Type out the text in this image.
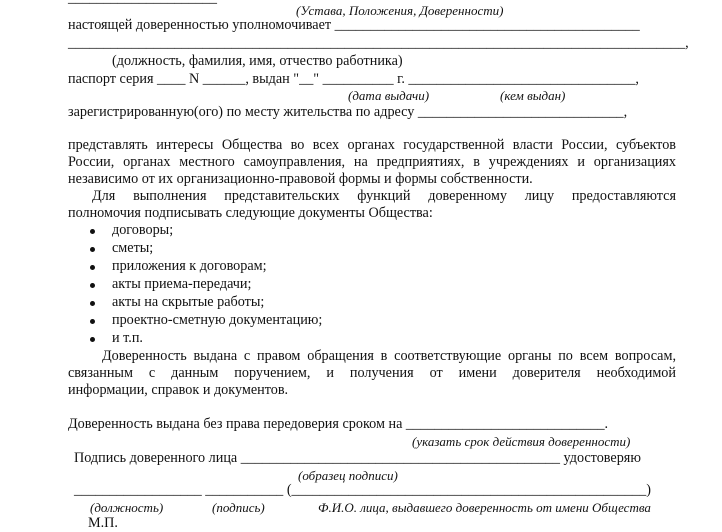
(Устава, Положения, Доверенности)
настоящей доверенностью уполномочивает ___________________________________________
_______________________________________________________________________________________,
(должность, фамилия, имя, отчество работника)
паспорт серия ____ N ______, выдан "__" __________ г. ________________________________,
(дата выдачи)	(кем выдан)
зарегистрированную(ого) по месту жительства по адресу _____________________________,
представлять интересы Общества во всех органах государственной власти России, субъектов
России, органах местного самоуправления, на предприятиях, в учреждениях и организациях
независимо от их организационно-правовой формы и формы собственности.
Для выполнения представительских функций доверенному лицу предоставляются
полномочия подписывать следующие документы Общества:
договоры;
сметы;
приложения к договорам;
акты приема-передачи;
акты на скрытые работы;
проектно-сметную документацию;
и т.п.
Доверенность выдана с правом обращения в соответствующие органы по всем вопросам,
связанным с данным поручением, и получения от имени доверителя необходимой
информации, справок и документов.
Доверенность выдана без права передоверия сроком на ____________________________.
(указать срок действия доверенности)
Подпись доверенного лица _____________________________________________ удостоверяю
(образец подписи)
__________________ ___________ (__________________________________________________)
(должность)	(подпись)	Ф.И.О. лица, выдавшего доверенность от имени Общества
М.П.
